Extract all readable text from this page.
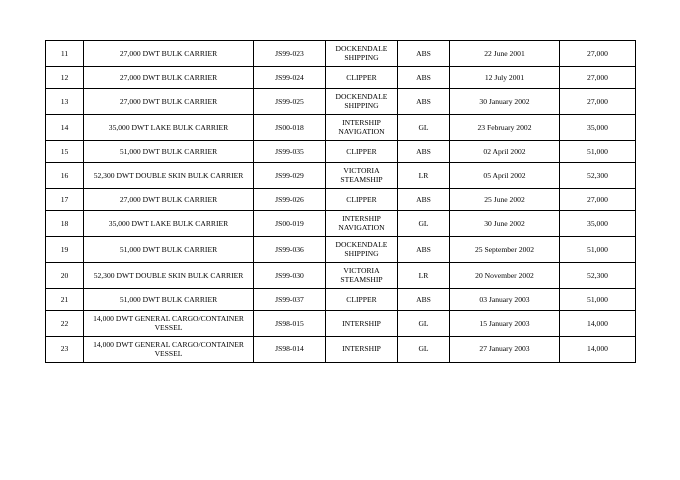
11	27,000 DWT BULK CARRIER	JS99-023	DOCKENDALE SHIPPING	ABS	22 June 2001	27,000
12	27,000 DWT BULK CARRIER	JS99-024	CLIPPER	ABS	12 July 2001	27,000
13	27,000 DWT BULK CARRIER	JS99-025	DOCKENDALE SHIPPING	ABS	30 January 2002	27,000
14	35,000 DWT LAKE BULK CARRIER	JS00-018	INTERSHIP NAVIGATION	GL	23 February 2002	35,000
15	51,000 DWT BULK CARRIER	JS99-035	CLIPPER	ABS	02 April 2002	51,000
16	52,300 DWT DOUBLE SKIN BULK CARRIER	JS99-029	VICTORIA STEAMSHIP	LR	05 April 2002	52,300
17	27,000 DWT BULK CARRIER	JS99-026	CLIPPER	ABS	25 June 2002	27,000
18	35,000 DWT LAKE BULK CARRIER	JS00-019	INTERSHIP NAVIGATION	GL	30 June 2002	35,000
19	51,000 DWT BULK CARRIER	JS99-036	DOCKENDALE SHIPPING	ABS	25 September 2002	51,000
20	52,300 DWT DOUBLE SKIN BULK CARRIER	JS99-030	VICTORIA STEAMSHIP	LR	20 November 2002	52,300
21	51,000 DWT BULK CARRIER	JS99-037	CLIPPER	ABS	03 January 2003	51,000
22	14,000 DWT GENERAL CARGO/CONTAINER VESSEL	JS98-015	INTERSHIP	GL	15 January 2003	14,000
23	14,000 DWT GENERAL CARGO/CONTAINER VESSEL	JS98-014	INTERSHIP	GL	27 January 2003	14,000
